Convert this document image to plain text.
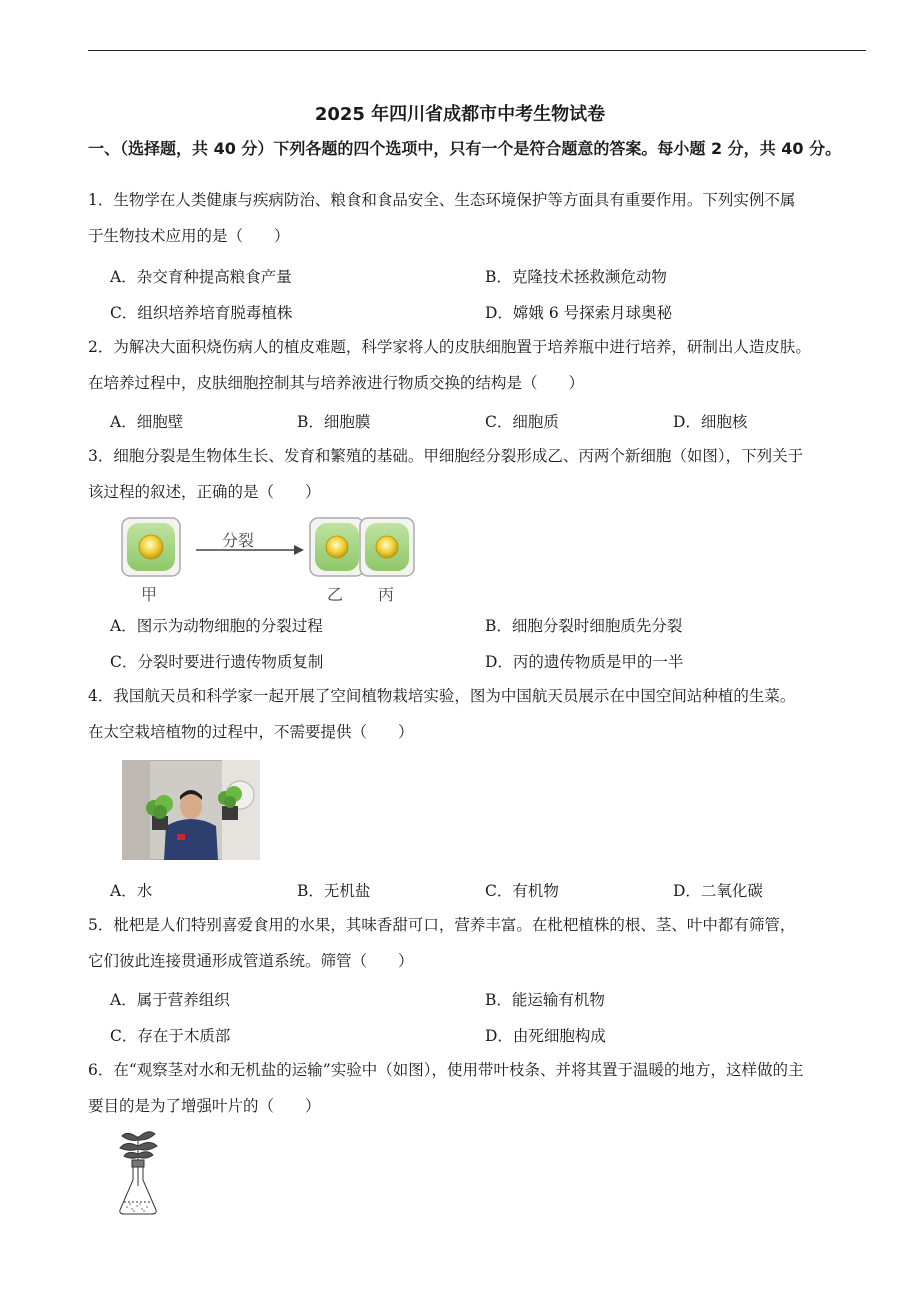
2025 年四川省成都市中考生物试卷
一、（选择题，共 40 分）下列各题的四个选项中，只有一个是符合题意的答案。每小题 2 分，共 40 分。
1．生物学在人类健康与疾病防治、粮食和食品安全、生态环境保护等方面具有重要作用。下列实例不属
于生物技术应用的是（　　）
A．杂交育种提高粮食产量	B．克隆技术拯救濒危动物
C．组织培养培育脱毒植株	D．嫦娥 6 号探索月球奥秘
2．为解决大面积烧伤病人的植皮难题，科学家将人的皮肤细胞置于培养瓶中进行培养，研制出人造皮肤。
在培养过程中，皮肤细胞控制其与培养液进行物质交换的结构是（　　）
A．细胞壁	B．细胞膜	C．细胞质	D．细胞核
3．细胞分裂是生物体生长、发育和繁殖的基础。甲细胞经分裂形成乙、丙两个新细胞（如图），下列关于
该过程的叙述，正确的是（　　）
分裂
甲	乙 丙
A．图示为动物细胞的分裂过程	B．细胞分裂时细胞质先分裂
C．分裂时要进行遗传物质复制	D．丙的遗传物质是甲的一半
4．我国航天员和科学家一起开展了空间植物栽培实验，图为中国航天员展示在中国空间站种植的生菜。
在太空栽培植物的过程中，不需要提供（　　）
A．水	B．无机盐	C．有机物	D．二氧化碳
5．枇杷是人们特别喜爱食用的水果，其味香甜可口，营养丰富。在枇杷植株的根、茎、叶中都有筛管，
它们彼此连接贯通形成管道系统。筛管（　　）
A．属于营养组织	B．能运输有机物
C．存在于木质部	D．由死细胞构成
6．在“观察茎对水和无机盐的运输”实验中（如图），使用带叶枝条、并将其置于温暖的地方，这样做的主
要目的是为了增强叶片的（　　）
